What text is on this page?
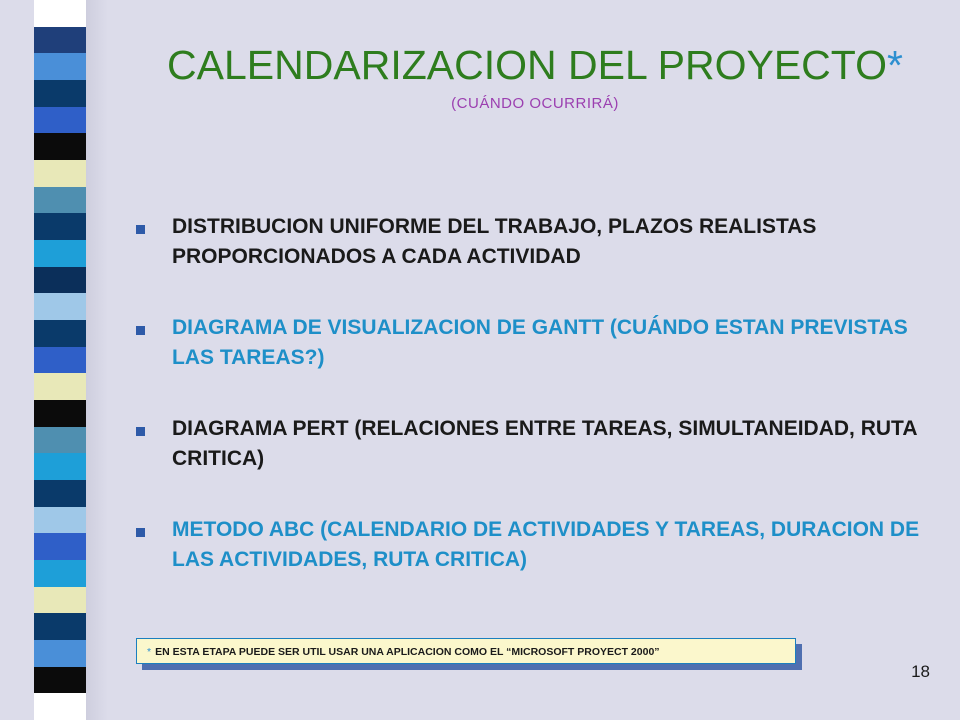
CALENDARIZACION DEL PROYECTO*
(CUÁNDO OCURRIRÁ)
DISTRIBUCION UNIFORME DEL TRABAJO, PLAZOS REALISTAS PROPORCIONADOS A CADA ACTIVIDAD
DIAGRAMA DE VISUALIZACION DE GANTT (CUÁNDO ESTAN PREVISTAS LAS TAREAS?)
DIAGRAMA PERT (RELACIONES ENTRE TAREAS, SIMULTANEIDAD, RUTA CRITICA)
METODO ABC (CALENDARIO DE ACTIVIDADES Y TAREAS, DURACION DE LAS ACTIVIDADES, RUTA CRITICA)
* EN ESTA ETAPA PUEDE SER UTIL USAR UNA APLICACION COMO EL “MICROSOFT PROYECT 2000”
18
